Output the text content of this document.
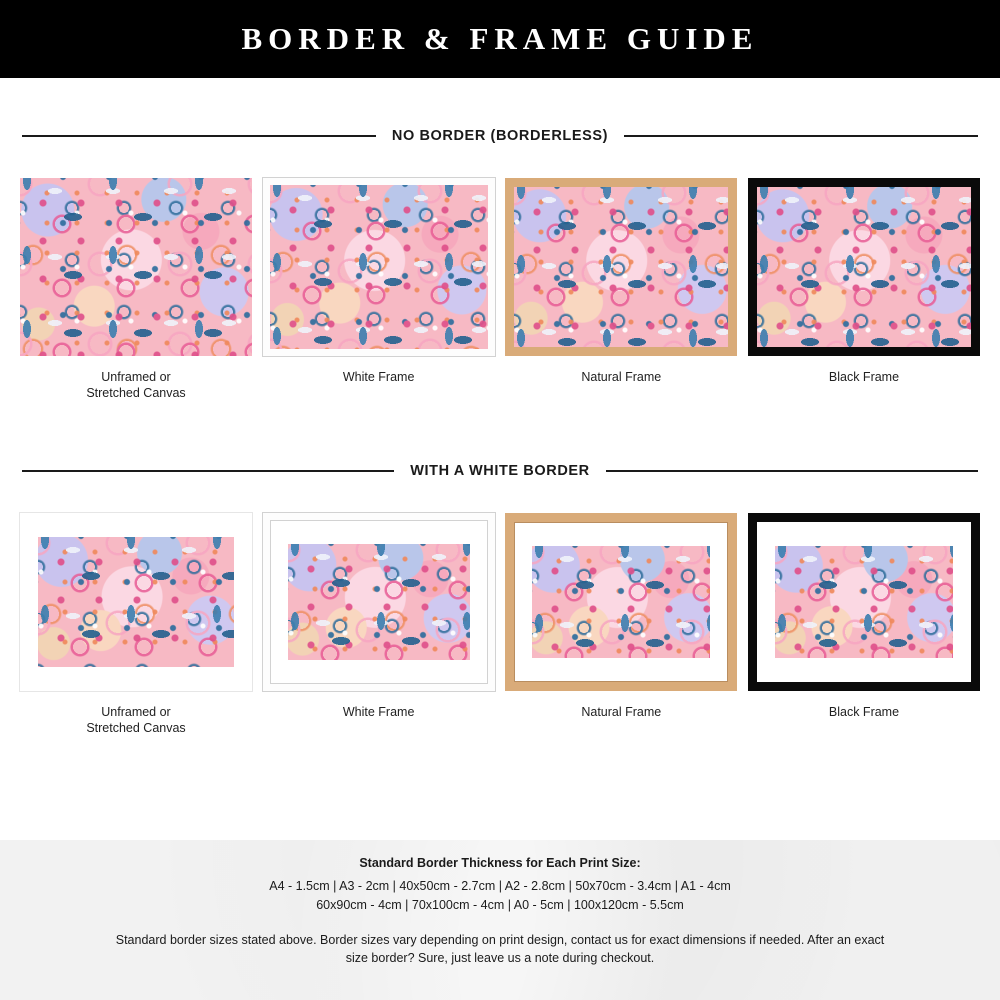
BORDER & FRAME GUIDE
NO BORDER (BORDERLESS)
Unframed or
Stretched Canvas
White Frame	Natural Frame	Black Frame
WITH A WHITE BORDER
Unframed or
Stretched Canvas
White Frame	Natural Frame	Black Frame
Standard Border Thickness for Each Print Size:
A4 - 1.5cm | A3 - 2cm | 40x50cm - 2.7cm | A2 - 2.8cm | 50x70cm - 3.4cm | A1 - 4cm
60x90cm - 4cm | 70x100cm - 4cm | A0 - 5cm | 100x120cm - 5.5cm
Standard border sizes stated above. Border sizes vary depending on print design, contact us for exact dimensions if needed. After an exact size border? Sure, just leave us a note during checkout.
